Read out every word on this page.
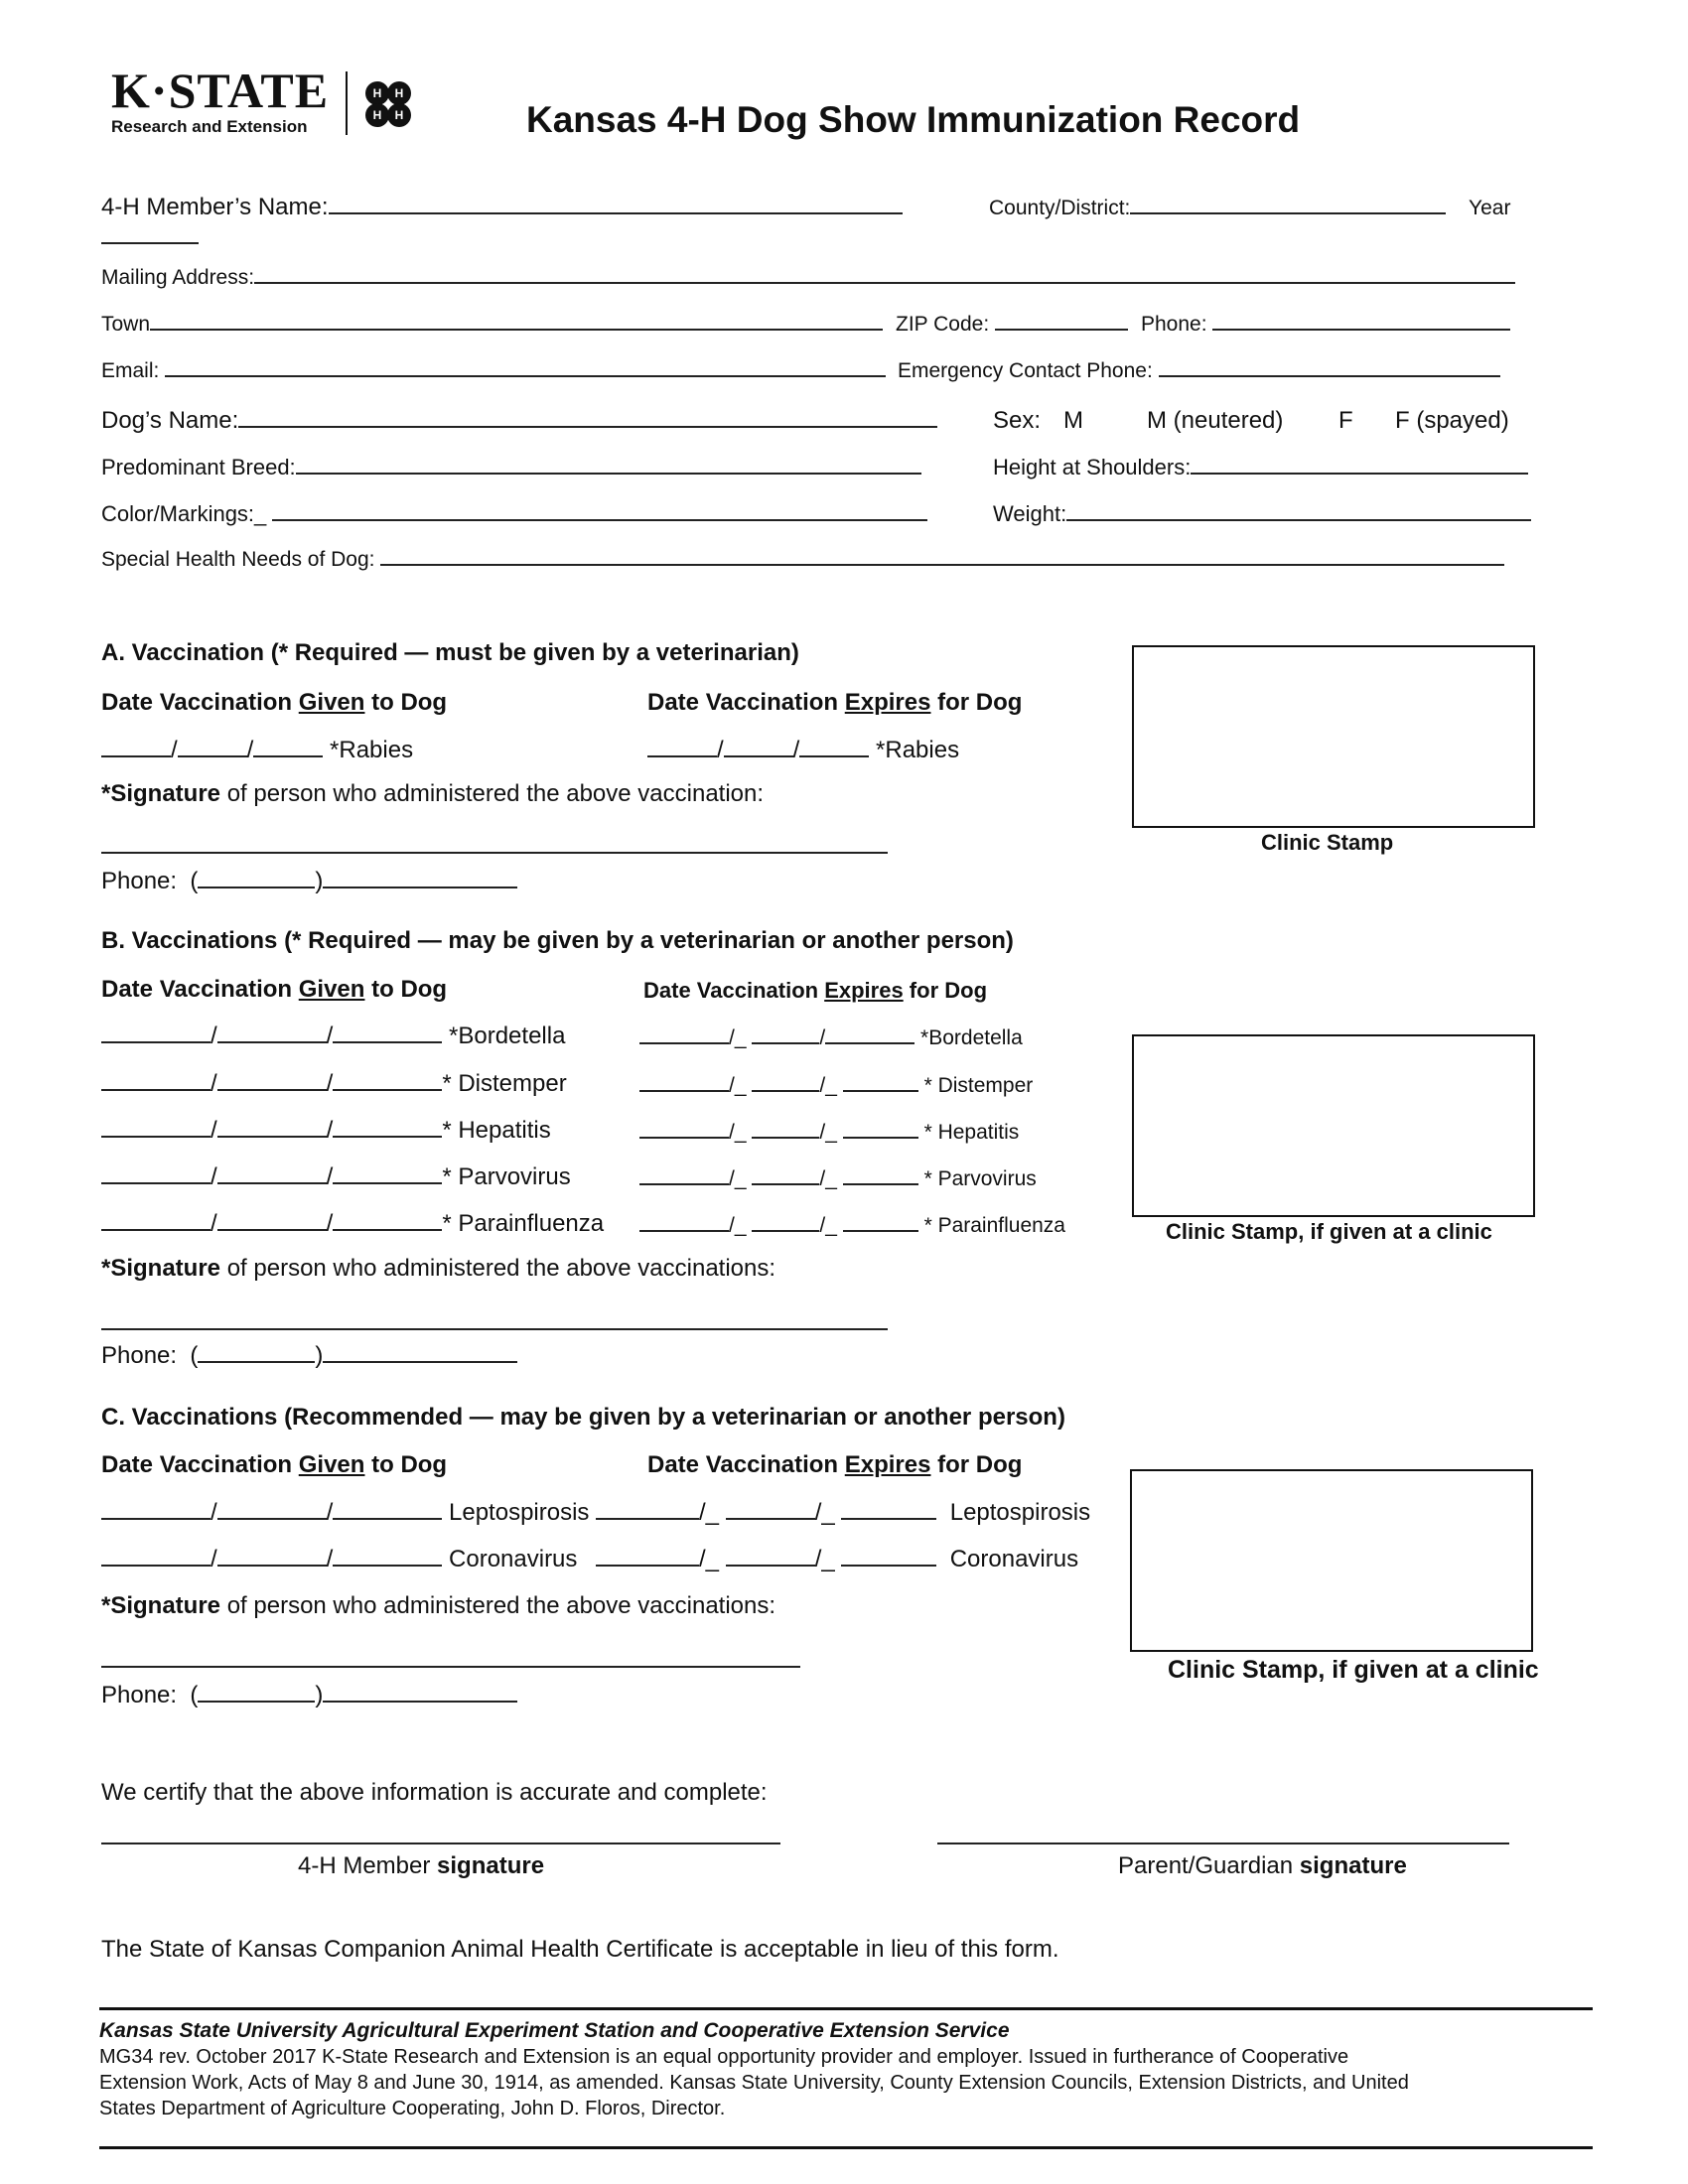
K·STATE
Research and Extension
H H
H H	Kansas 4-H Dog Show Immunization Record
4-H Member’s Name:	County/District:	Year
Mailing Address:
Town	ZIP Code:	Phone:
Email:	Emergency Contact Phone:
Dog’s Name:	Sex: M	M (neutered) F F (spayed)
Predominant Breed:	Height at Shoulders:
Color/Markings:_	Weight:
Special Health Needs of Dog:
A. Vaccination (* Required — must be given by a veterinarian)
Date Vaccination Given to Dog	Date Vaccination Expires for Dog
/	/	*Rabies	/	/	*Rabies
*Signature of person who administered the above vaccination:
Phone:  (	)
Clinic Stamp
B. Vaccinations (* Required — may be given by a veterinarian or another person)
Date Vaccination Given to Dog	Date Vaccination Expires for Dog
/	/	*Bordetella	/_	/	*Bordetella
/	/	* Distemper	/_	/_	* Distemper
/	/	* Hepatitis	/_	/_	* Hepatitis
/	/	* Parvovirus	/_	/_	* Parvovirus
/	/	* Parainfluenza	/_	/_	* Parainfluenza
*Signature of person who administered the above vaccinations:
Phone:  (	)
Clinic Stamp, if given at a clinic
C. Vaccinations (Recommended — may be given by a veterinarian or another person)
Date Vaccination Given to Dog	Date Vaccination Expires for Dog
/	/	Leptospirosis	/_	/_	Leptospirosis
/	/	Coronavirus	/_	/_	Coronavirus
*Signature of person who administered the above vaccinations:
Phone:  (	)
Clinic Stamp, if given at a clinic
We certify that the above information is accurate and complete:
4-H Member signature	Parent/Guardian signature
The State of Kansas Companion Animal Health Certificate is acceptable in lieu of this form.
Kansas State University Agricultural Experiment Station and Cooperative Extension Service
MG34 rev. October 2017 K-State Research and Extension is an equal opportunity provider and employer. Issued in furtherance of Cooperative
Extension Work, Acts of May 8 and June 30, 1914, as amended. Kansas State University, County Extension Councils, Extension Districts, and United
States Department of Agriculture Cooperating, John D. Floros, Director.
